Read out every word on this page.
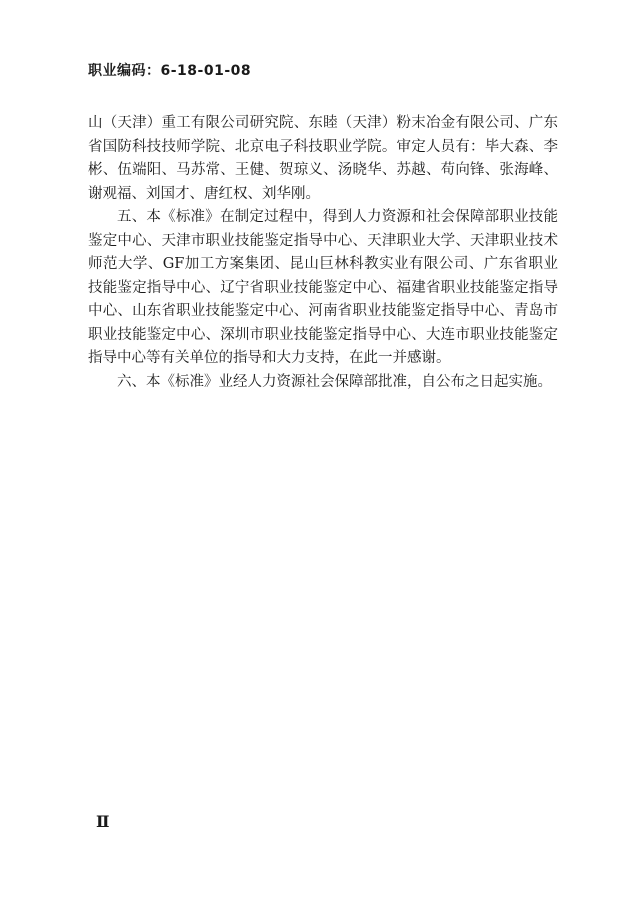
职业编码：6-18-01-08

山（天津）重工有限公司研究院、东睦（天津）粉末冶金有限公司、广东省国防科技技师学院、北京电子科技职业学院。审定人员有：毕大森、李彬、伍端阳、马苏常、王健、贺琼义、汤晓华、苏越、苟向锋、张海峰、谢观福、刘国才、唐红权、刘华刚。

五、本《标准》在制定过程中，得到人力资源和社会保障部职业技能鉴定中心、天津市职业技能鉴定指导中心、天津职业大学、天津职业技术师范大学、GF加工方案集团、昆山巨林科教实业有限公司、广东省职业技能鉴定指导中心、辽宁省职业技能鉴定中心、福建省职业技能鉴定指导中心、山东省职业技能鉴定中心、河南省职业技能鉴定指导中心、青岛市职业技能鉴定中心、深圳市职业技能鉴定指导中心、大连市职业技能鉴定指导中心等有关单位的指导和大力支持，在此一并感谢。

六、本《标准》业经人力资源社会保障部批准，自公布之日起实施。

Ⅱ
